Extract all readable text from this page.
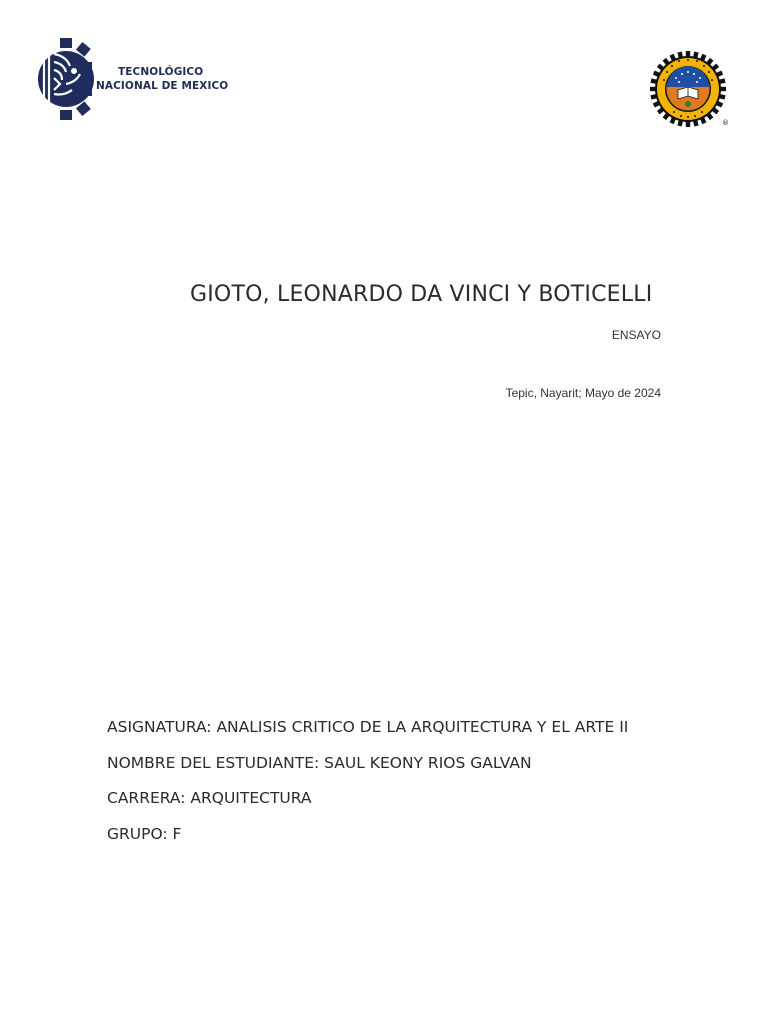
TECNOLÓGICO
NACIONAL DE MEXICO
®
GIOTO, LEONARDO DA VINCI Y BOTICELLI
ENSAYO
Tepic, Nayarit; Mayo de 2024
ASIGNATURA: ANALISIS CRITICO DE LA ARQUITECTURA Y EL ARTE II
NOMBRE DEL ESTUDIANTE: SAUL KEONY RIOS GALVAN
CARRERA: ARQUITECTURA
GRUPO: F
